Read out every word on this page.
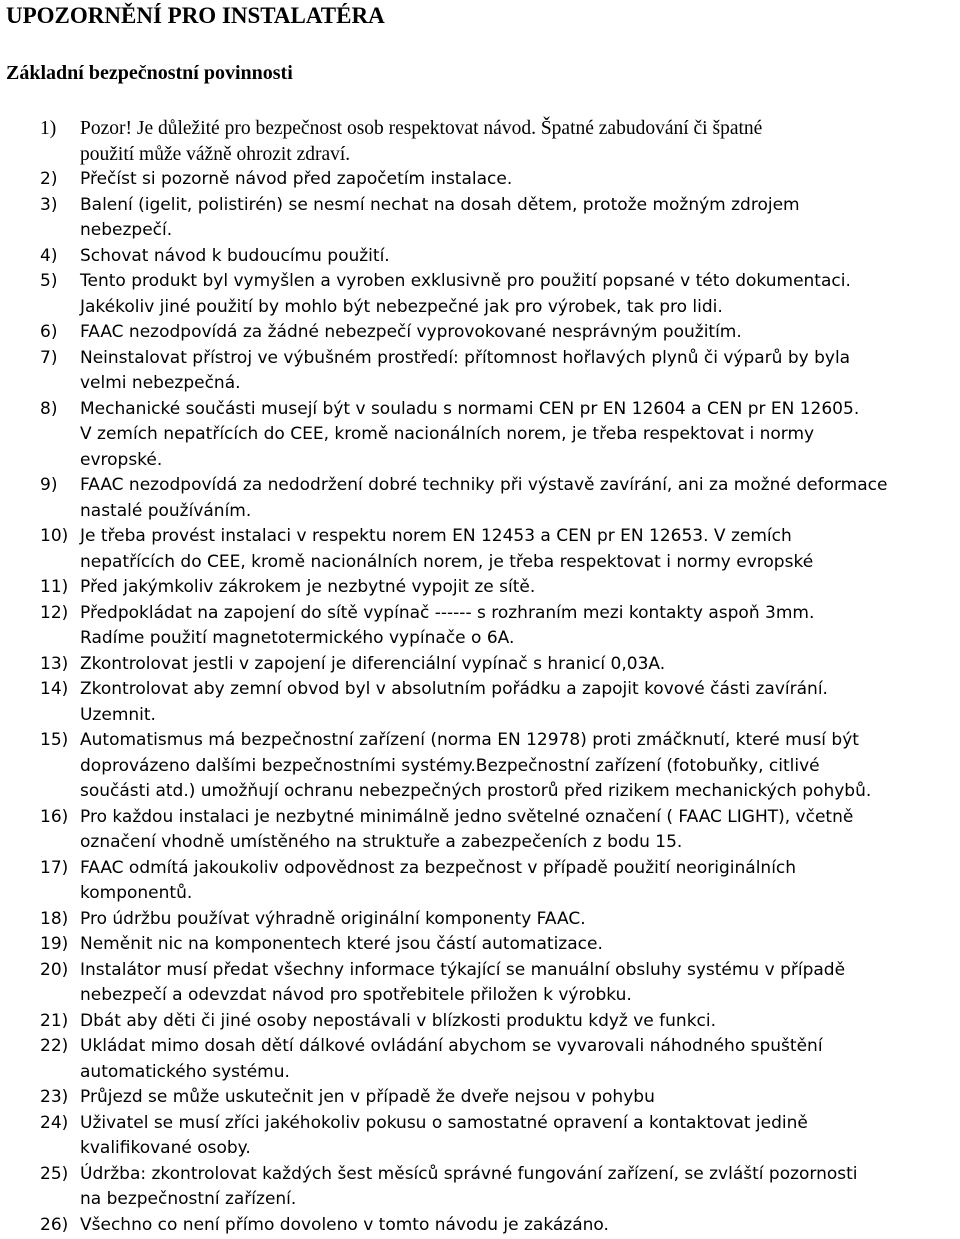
UPOZORNĚNÍ PRO INSTALATÉRA
Základní bezpečnostní povinnosti
1) Pozor! Je důležité pro bezpečnost osob respektovat návod. Špatné zabudování či špatné
použití může vážně ohrozit zdraví.
2) Přečíst si pozorně návod před započetím instalace.
3) Balení (igelit, polistirén) se nesmí nechat na dosah dětem, protože možným zdrojem
nebezpečí.
4) Schovat návod k budoucímu použití.
5) Tento produkt byl vymyšlen a vyroben exklusivně pro použití popsané v této dokumentaci.
Jakékoliv jiné použití by mohlo být nebezpečné jak pro výrobek, tak pro lidi.
6) FAAC nezodpovídá za žádné nebezpečí vyprovokované nesprávným použitím.
7) Neinstalovat přístroj ve výbušném prostředí: přítomnost hořlavých plynů či výparů by byla
velmi nebezpečná.
8) Mechanické součásti musejí být v souladu s normami CEN pr EN 12604 a CEN pr EN 12605.
V zemích nepatřících do CEE, kromě nacionálních norem, je třeba respektovat i normy
evropské.
9) FAAC nezodpovídá za nedodržení dobré techniky při výstavě zavírání, ani za možné deformace
nastalé používáním.
10) Je třeba provést instalaci v respektu norem EN 12453 a CEN pr EN 12653. V zemích
nepatřících do CEE, kromě nacionálních norem, je třeba respektovat i normy evropské
11) Před jakýmkoliv zákrokem je nezbytné vypojit ze sítě.
12) Předpokládat na zapojení do sítě vypínač ------ s rozhraním mezi kontakty aspoň 3mm.
Radíme použití magnetotermického vypínače o 6A.
13) Zkontrolovat jestli v zapojení je diferenciální vypínač s hranicí 0,03A.
14) Zkontrolovat aby zemní obvod byl v absolutním pořádku a zapojit kovové části zavírání.
Uzemnit.
15) Automatismus má bezpečnostní zařízení (norma EN 12978) proti zmáčknutí, které musí být
doprovázeno dalšími bezpečnostními systémy.Bezpečnostní zařízení (fotobuňky, citlivé
součásti atd.) umožňují ochranu nebezpečných prostorů před rizikem mechanických pohybů.
16) Pro každou instalaci je nezbytné minimálně jedno světelné označení ( FAAC LIGHT), včetně
označení vhodně umístěného na struktuře a zabezpečeních z bodu 15.
17) FAAC odmítá jakoukoliv odpovědnost za bezpečnost v případě použití neoriginálních
komponentů.
18) Pro údržbu používat výhradně originální komponenty FAAC.
19) Neměnit nic na komponentech které jsou částí automatizace.
20) Instalátor musí předat všechny informace týkající se manuální obsluhy systému v případě
nebezpečí a odevzdat návod pro spotřebitele přiložen k výrobku.
21) Dbát aby děti či jiné osoby nepostávali v blízkosti produktu když ve funkci.
22) Ukládat mimo dosah dětí dálkové ovládání abychom se vyvarovali náhodného spuštění
automatického systému.
23) Průjezd se může uskutečnit jen v případě že dveře nejsou v pohybu
24) Uživatel se musí zříci jakéhokoliv pokusu o samostatné opravení a kontaktovat jedině
kvalifikované osoby.
25) Údržba: zkontrolovat každých šest měsíců správné fungování zařízení, se zvláští pozornosti
na bezpečnostní zařízení.
26) Všechno co není přímo dovoleno v tomto návodu je zakázáno.
